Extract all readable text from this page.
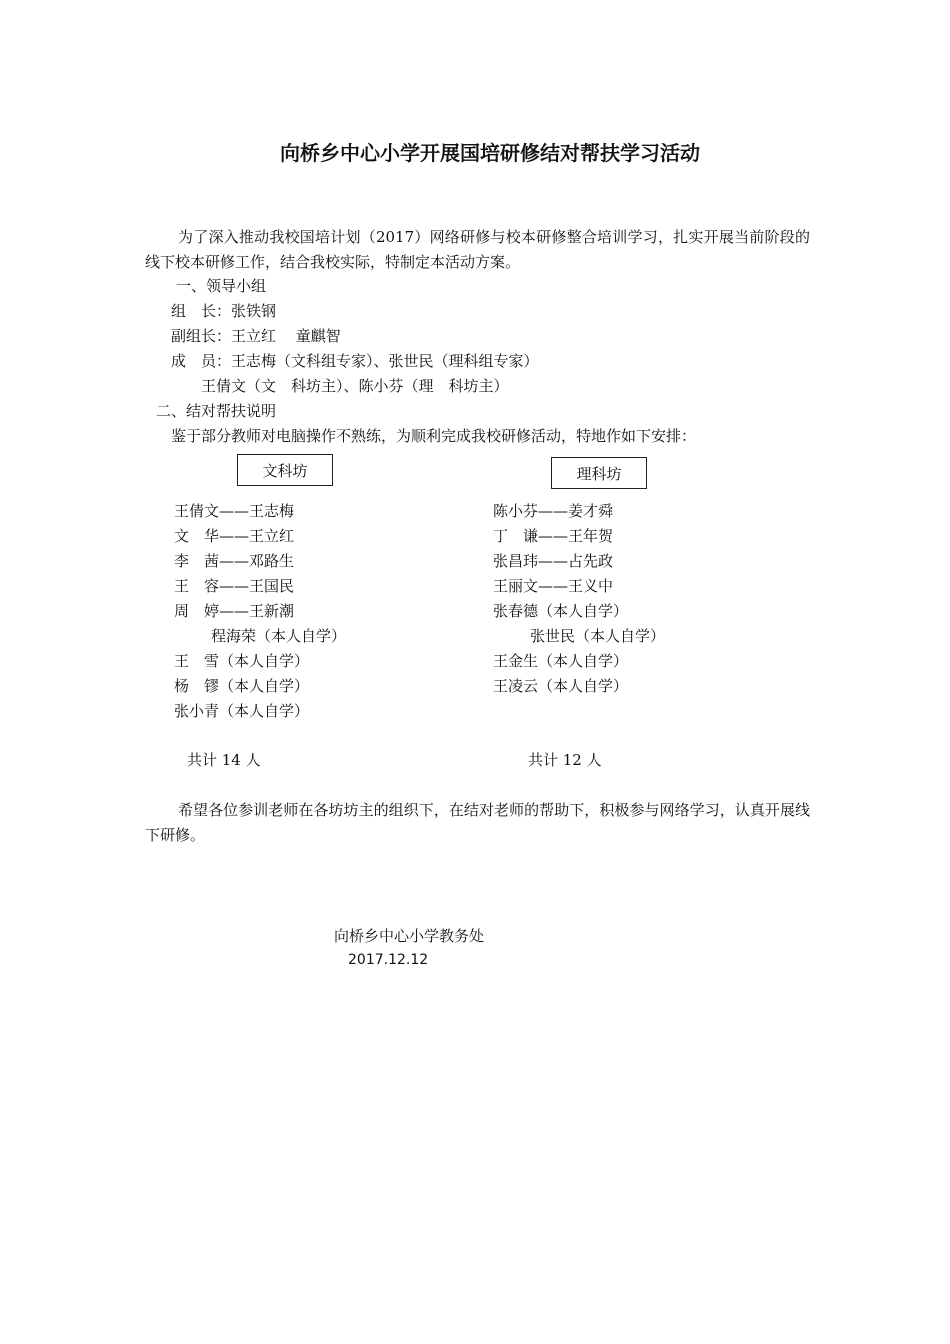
向桥乡中心小学开展国培研修结对帮扶学习活动
为了深入推动我校国培计划（2017）网络研修与校本研修整合培训学习，扎实开展当前阶段的线下校本研修工作，结合我校实际，特制定本活动方案。
一、领导小组
组　长：张铁钢
副组长：王立红　 童麒智
成　员：王志梅（文科组专家）、张世民（理科组专家）
王倩文（文　科坊主）、陈小芬（理　科坊主）
二、结对帮扶说明
鉴于部分教师对电脑操作不熟练，为顺利完成我校研修活动，特地作如下安排：
文科坊	理科坊
王倩文——王志梅
文　华——王立红
李　茜——邓路生
王　容——王国民
周　婷——王新潮
程海荣（本人自学）
王　雪（本人自学）
杨　镠（本人自学）
张小青（本人自学）
陈小芬——姜才舜
丁　谦——王年贺
张昌玮——占先政
王丽文——王义中
张春德（本人自学）
张世民（本人自学）
王金生（本人自学）
王凌云（本人自学）
共计 14 人	共计 12 人
希望各位参训老师在各坊坊主的组织下，在结对老师的帮助下，积极参与网络学习，认真开展线下研修。
向桥乡中心小学教务处
2017.12.12
